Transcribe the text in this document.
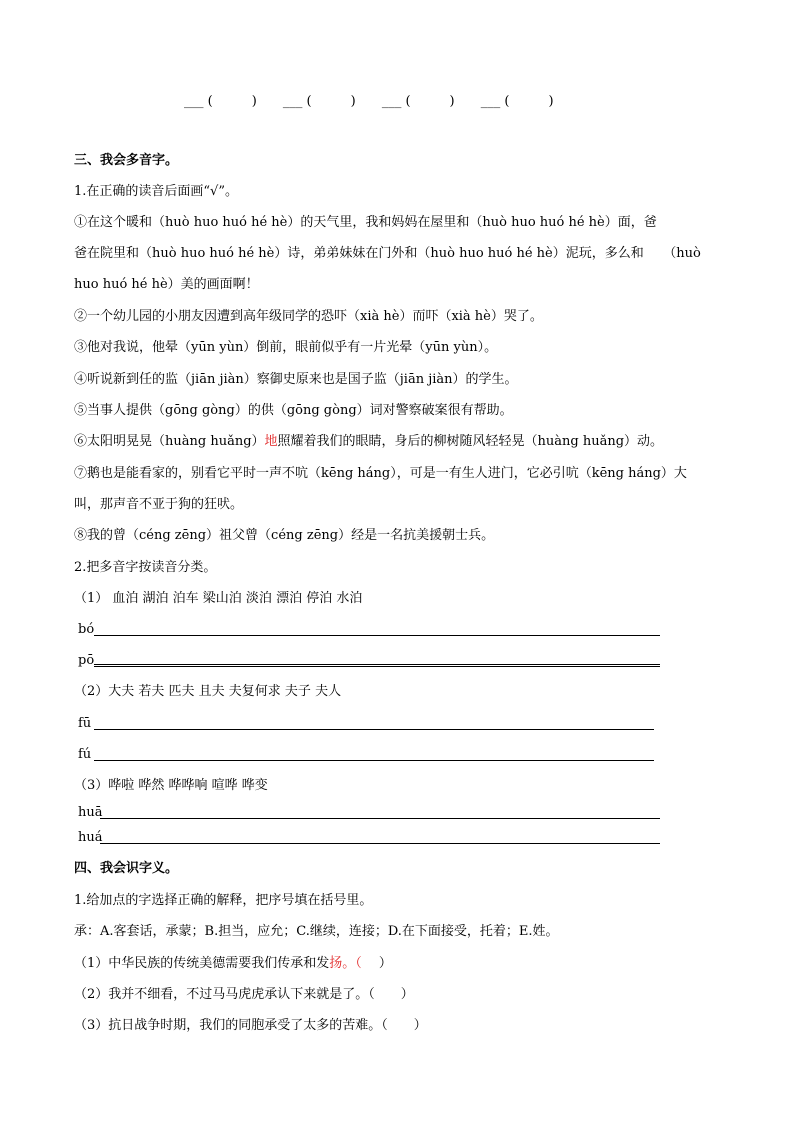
___ (　　　) ___ (　　　) ___ (　　　) ___ (　　　)
三、我会多音字。
1.在正确的读音后面画“√”。
①在这个暖和（huò huo huó hé hè）的天气里，我和妈妈在屋里和（huò huo huó hé hè）面，爸
爸在院里和（huò huo huó hé hè）诗，弟弟妹妹在门外和（huò huo huó hé hè）泥玩，多么和　　（huò
huo huó hé hè）美的画面啊！
②一个幼儿园的小朋友因遭到高年级同学的恐吓（xià hè）而吓（xià hè）哭了。
③他对我说，他晕（yūn yùn）倒前，眼前似乎有一片光晕（yūn yùn）。
④听说新到任的监（jiān jiàn）察御史原来也是国子监（jiān jiàn）的学生。
⑤当事人提供（gōng gòng）的供（gōng gòng）词对警察破案很有帮助。
⑥太阳明晃晃（huàng huǎng）地照耀着我们的眼睛，身后的柳树随风轻轻晃（huàng huǎng）动。
⑦鹅也是能看家的，别看它平时一声不吭（kēng háng），可是一有生人进门，它必引吭（kēng háng）大
叫，那声音不亚于狗的狂吠。
⑧我的曾（céng zēng）祖父曾（céng zēng）经是一名抗美援朝士兵。
2.把多音字按读音分类。
（1） 血泊 湖泊 泊车 梁山泊 淡泊 漂泊 停泊 水泊
bó
pō
（2）大夫 若夫 匹夫 且夫 夫复何求 夫子 夫人
fū
fú
（3）哗啦 哗然 哗哗响 喧哗 哗变
huā
huá
四、我会识字义。
1.给加点的字选择正确的解释，把序号填在括号里。
承：A.客套话，承蒙；B.担当，应允；C.继续，连接；D.在下面接受，托着；E.姓。
（1）中华民族的传统美德需要我们传承和发扬。（　 ）
（2）我并不细看，不过马马虎虎承认下来就是了。（　　）
（3）抗日战争时期，我们的同胞承受了太多的苦难。（　　）
